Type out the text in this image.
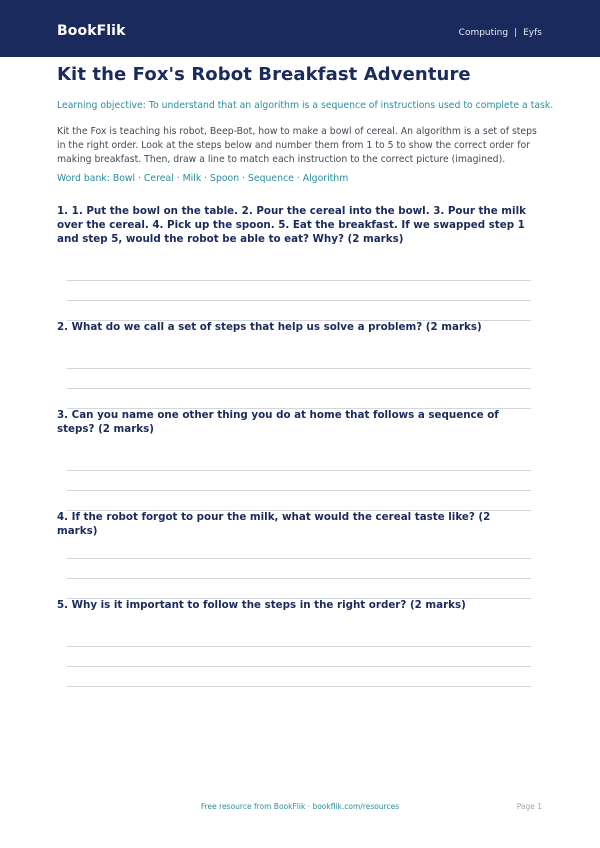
BookFlik	Computing | Eyfs
Kit the Fox's Robot Breakfast Adventure
Learning objective: To understand that an algorithm is a sequence of instructions used to complete a task.
Kit the Fox is teaching his robot, Beep-Bot, how to make a bowl of cereal. An algorithm is a set of steps in the right order. Look at the steps below and number them from 1 to 5 to show the correct order for making breakfast. Then, draw a line to match each instruction to the correct picture (imagined).
Word bank: Bowl · Cereal · Milk · Spoon · Sequence · Algorithm
1. 1. Put the bowl on the table. 2. Pour the cereal into the bowl. 3. Pour the milk over the cereal. 4. Pick up the spoon. 5. Eat the breakfast. If we swapped step 1 and step 5, would the robot be able to eat? Why? (2 marks)
2. What do we call a set of steps that help us solve a problem? (2 marks)
3. Can you name one other thing you do at home that follows a sequence of steps? (2 marks)
4. If the robot forgot to pour the milk, what would the cereal taste like? (2 marks)
5. Why is it important to follow the steps in the right order? (2 marks)
Free resource from BookFlik · bookflik.com/resources	Page 1
